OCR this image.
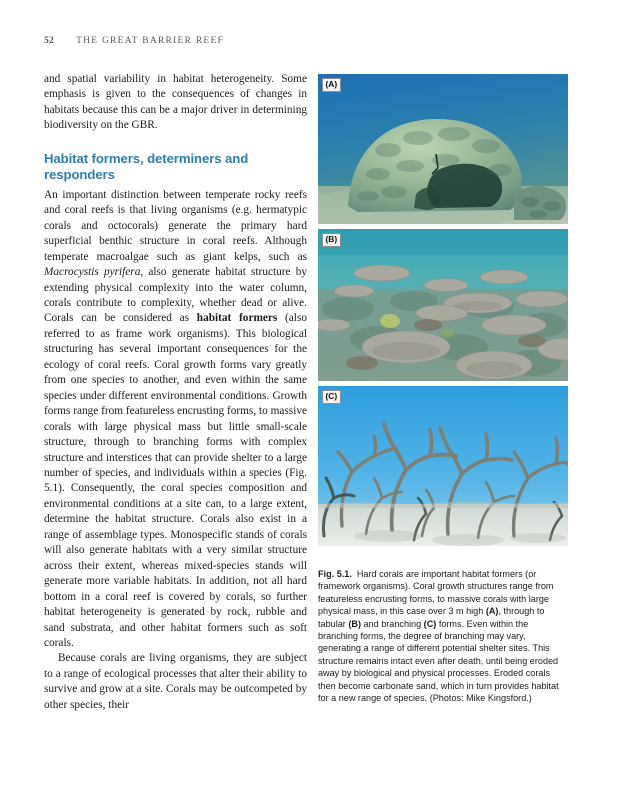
52 THE GREAT BARRIER REEF

and spatial variability in habitat heterogeneity. Some emphasis is given to the consequences of changes in habitats because this can be a major driver in determining biodiversity on the GBR.

Habitat formers, determiners and responders

An important distinction between temperate rocky reefs and coral reefs is that living organisms (e.g. hermatypic corals and octocorals) generate the primary hard superficial benthic structure in coral reefs. Although temperate macroalgae such as giant kelps, such as Macrocystis pyrifera, also generate habitat structure by extending physical complexity into the water column, corals contribute to complexity, whether dead or alive. Corals can be considered as habitat formers (also referred to as frame work organisms). This biological structuring has several important consequences for the ecology of coral reefs. Coral growth forms vary greatly from one species to another, and even within the same species under different environmental conditions. Growth forms range from featureless encrusting forms, to massive corals with large physical mass but little small-scale structure, through to branching forms with complex structure and interstices that can provide shelter to a large number of species, and individuals within a species (Fig. 5.1). Consequently, the coral species composition and environmental conditions at a site can, to a large extent, determine the habitat structure. Corals also exist in a range of assemblage types. Monospecific stands of corals will also generate habitats with a very similar structure across their extent, whereas mixed-species stands will generate more variable habitats. In addition, not all hard bottom in a coral reef is covered by corals, so further habitat heterogeneity is generated by rock, rubble and sand substrata, and other habitat formers such as soft corals.

Because corals are living organisms, they are subject to a range of ecological processes that alter their ability to survive and grow at a site. Corals may be outcompeted by other species, their

(A)
(B)
(C)
Fig. 5.1. Hard corals are important habitat formers (or framework organisms). Coral growth structures range from featureless encrusting forms, to massive corals with large physical mass, in this case over 3 m high (A), through to tabular (B) and branching (C) forms. Even within the branching forms, the degree of branching may vary, generating a range of different potential shelter sites. This structure remains intact even after death, until being eroded away by biological and physical processes. Eroded corals then become carbonate sand, which in turn provides habitat for a new range of species. (Photos: Mike Kingsford.)
